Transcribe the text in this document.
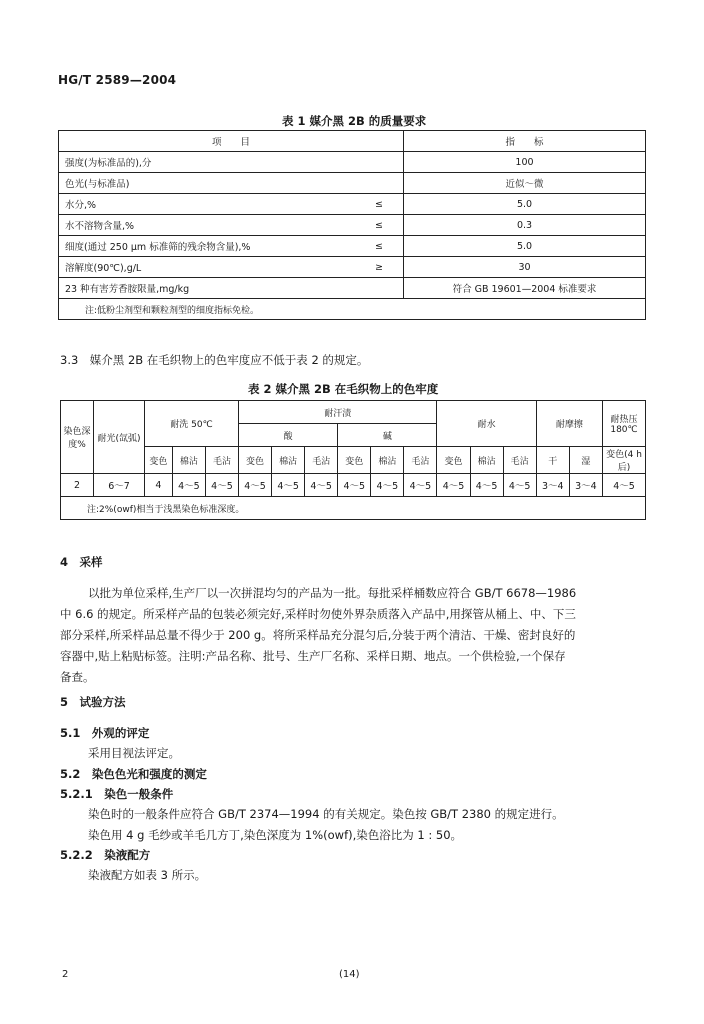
HG/T 2589—2004
表 1 媒介黑 2B 的质量要求
项　　目		指　　标
强度(为标准品的),分		100
色光(与标准品)		近似～微
水分,%	≤	5.0
水不溶物含量,%	≤	0.3
细度(通过 250 μm 标准筛的残余物含量),%	≤	5.0
溶解度(90℃),g/L	≥	30
23 种有害芳香胺限量,mg/kg		符合 GB 19601—2004 标准要求
注:低粉尘剂型和颗粒剂型的细度指标免检。		
3.3　媒介黑 2B 在毛织物上的色牢度应不低于表 2 的规定。
表 2 媒介黑 2B 在毛织物上的色牢度
染色深度%	耐光(氙弧)	耐洗 50℃			耐汗渍						耐水			耐摩擦		耐热压 180℃
					酸			碱								
		变色	棉沾	毛沾	变色	棉沾	毛沾	变色	棉沾	毛沾	变色	棉沾	毛沾	干	湿	变色(4 h后)
2	6～7	4	4～5	4～5	4～5	4～5	4～5	4～5	4～5	4～5	4～5	4～5	4～5	3～4	3～4	4～5
注:2%(owf)相当于浅黑染色标准深度。																
4　采样
以批为单位采样,生产厂以一次拼混均匀的产品为一批。每批采样桶数应符合 GB/T 6678—1986
中 6.6 的规定。所采样产品的包装必须完好,采样时勿使外界杂质落入产品中,用探管从桶上、中、下三
部分采样,所采样品总量不得少于 200 g。将所采样品充分混匀后,分装于两个清洁、干燥、密封良好的
容器中,贴上粘贴标签。注明:产品名称、批号、生产厂名称、采样日期、地点。一个供检验,一个保存
备查。
5　试验方法
5.1　外观的评定
采用目视法评定。
5.2　染色色光和强度的测定
5.2.1　染色一般条件
染色时的一般条件应符合 GB/T 2374—1994 的有关规定。染色按 GB/T 2380 的规定进行。
染色用 4 g 毛纱或羊毛几方丁,染色深度为 1%(owf),染色浴比为 1 : 50。
5.2.2　染液配方
染液配方如表 3 所示。
2	(14)
